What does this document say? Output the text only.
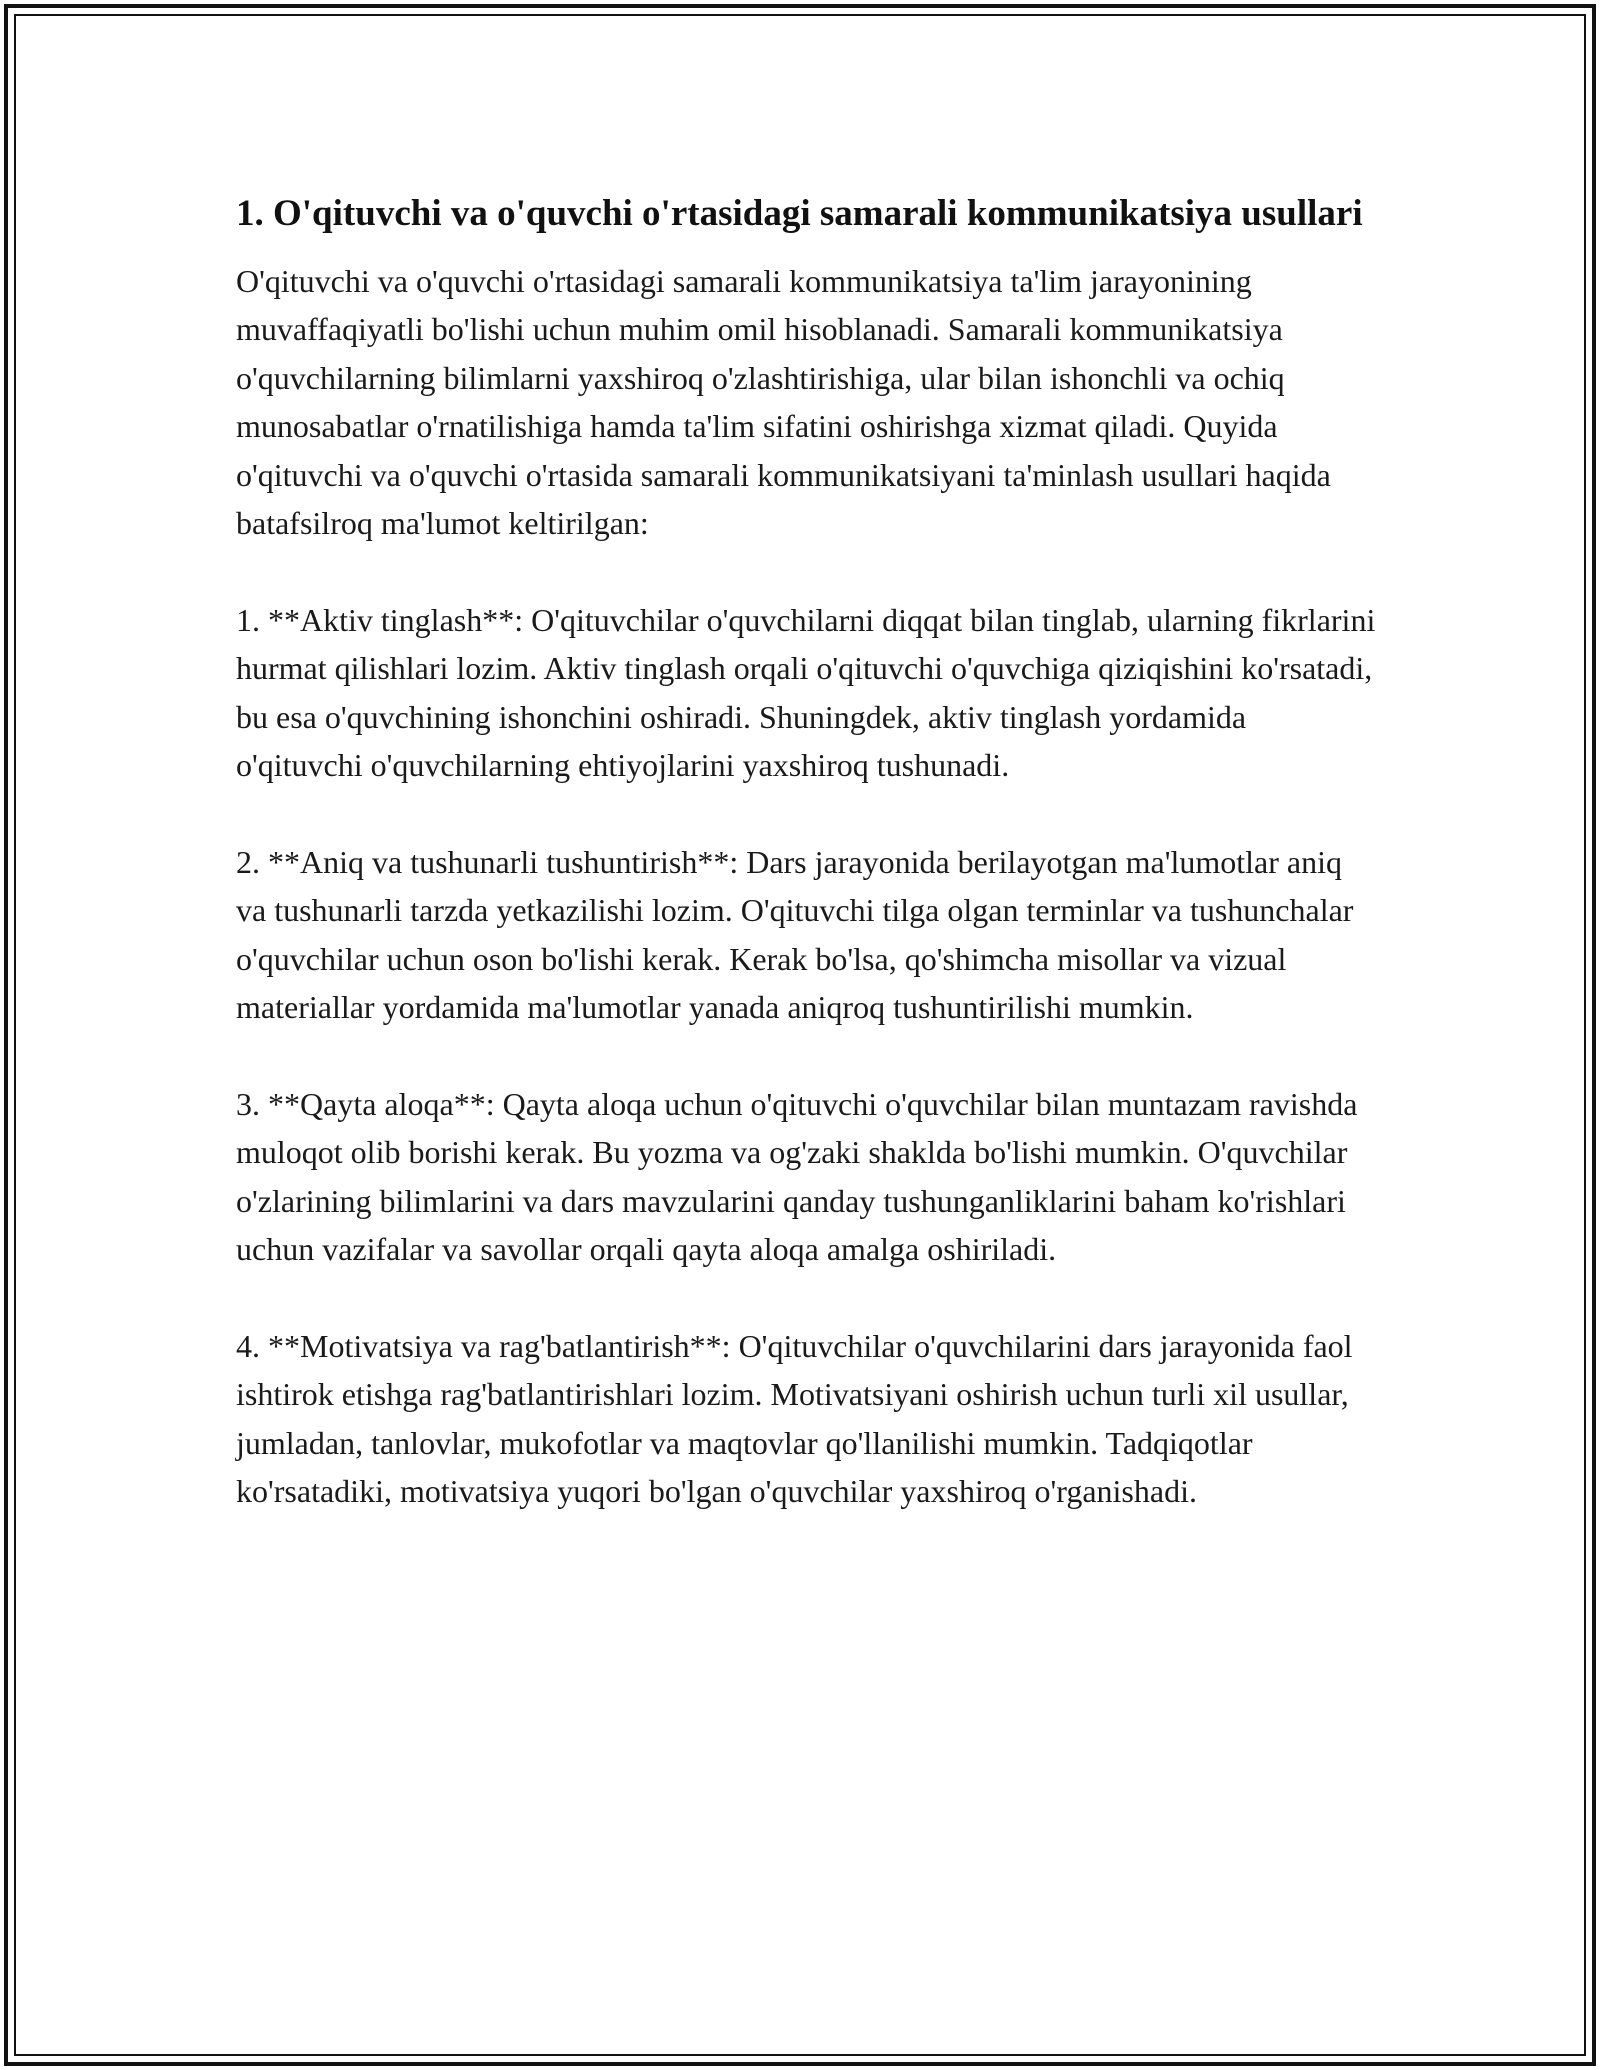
1. O'qituvchi va o'quvchi o'rtasidagi samarali kommunikatsiya usullari

O'qituvchi va o'quvchi o'rtasidagi samarali kommunikatsiya ta'lim jarayonining muvaffaqiyatli bo'lishi uchun muhim omil hisoblanadi. Samarali kommunikatsiya o'quvchilarning bilimlarni yaxshiroq o'zlashtirishiga, ular bilan ishonchli va ochiq munosabatlar o'rnatilishiga hamda ta'lim sifatini oshirishga xizmat qiladi. Quyida o'qituvchi va o'quvchi o'rtasida samarali kommunikatsiyani ta'minlash usullari haqida batafsilroq ma'lumot keltirilgan:

1. **Aktiv tinglash**: O'qituvchilar o'quvchilarni diqqat bilan tinglab, ularning fikrlarini hurmat qilishlari lozim. Aktiv tinglash orqali o'qituvchi o'quvchiga qiziqishini ko'rsatadi, bu esa o'quvchining ishonchini oshiradi. Shuningdek, aktiv tinglash yordamida o'qituvchi o'quvchilarning ehtiyojlarini yaxshiroq tushunadi.

2. **Aniq va tushunarli tushuntirish**: Dars jarayonida berilayotgan ma'lumotlar aniq va tushunarli tarzda yetkazilishi lozim. O'qituvchi tilga olgan terminlar va tushunchalar o'quvchilar uchun oson bo'lishi kerak. Kerak bo'lsa, qo'shimcha misollar va vizual materiallar yordamida ma'lumotlar yanada aniqroq tushuntirilishi mumkin.

3. **Qayta aloqa**: Qayta aloqa uchun o'qituvchi o'quvchilar bilan muntazam ravishda muloqot olib borishi kerak. Bu yozma va og'zaki shaklda bo'lishi mumkin. O'quvchilar o'zlarining bilimlarini va dars mavzularini qanday tushunganliklarini baham ko'rishlari uchun vazifalar va savollar orqali qayta aloqa amalga oshiriladi.

4. **Motivatsiya va rag'batlantirish**: O'qituvchilar o'quvchilarini dars jarayonida faol ishtirok etishga rag'batlantirishlari lozim. Motivatsiyani oshirish uchun turli xil usullar, jumladan, tanlovlar, mukofotlar va maqtovlar qo'llanilishi mumkin. Tadqiqotlar ko'rsatadiki, motivatsiya yuqori bo'lgan o'quvchilar yaxshiroq o'rganishadi.
